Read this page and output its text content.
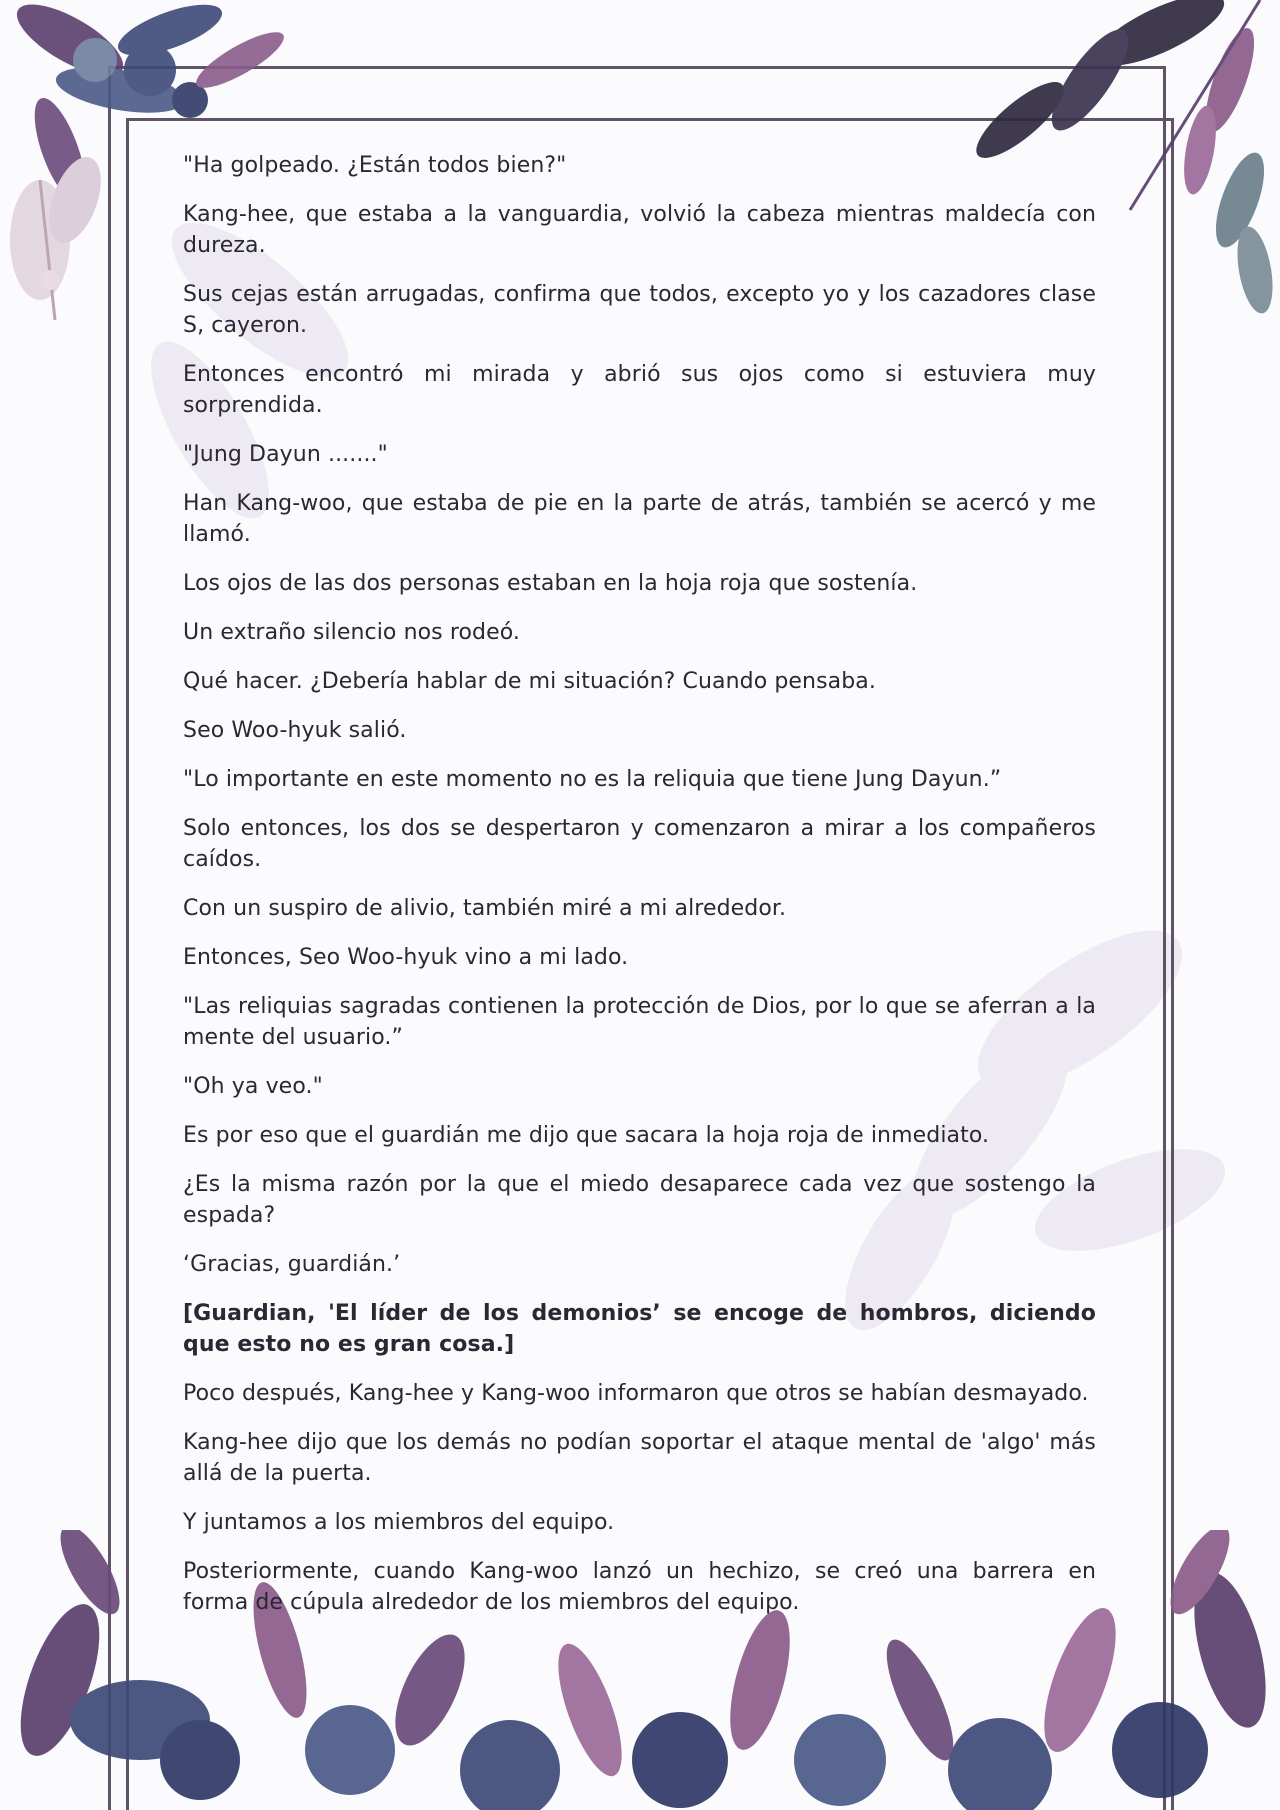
"Ha golpeado. ¿Están todos bien?"

Kang-hee, que estaba a la vanguardia, volvió la cabeza mientras maldecía con dureza.

Sus cejas están arrugadas, confirma que todos, excepto yo y los cazadores clase S, cayeron.

Entonces encontró mi mirada y abrió sus ojos como si estuviera muy sorprendida.

"Jung Dayun ......."

Han Kang-woo, que estaba de pie en la parte de atrás, también se acercó y me llamó.

Los ojos de las dos personas estaban en la hoja roja que sostenía.

Un extraño silencio nos rodeó.

Qué hacer. ¿Debería hablar de mi situación? Cuando pensaba.

Seo Woo-hyuk salió.

"Lo importante en este momento no es la reliquia que tiene Jung Dayun.”

Solo entonces, los dos se despertaron y comenzaron a mirar a los compañeros caídos.

Con un suspiro de alivio, también miré a mi alrededor.

Entonces, Seo Woo-hyuk vino a mi lado.

"Las reliquias sagradas contienen la protección de Dios, por lo que se aferran a la mente del usuario.”

"Oh ya veo."

Es por eso que el guardián me dijo que sacara la hoja roja de inmediato.

¿Es la misma razón por la que el miedo desaparece cada vez que sostengo la espada?

‘Gracias, guardián.’

[Guardian, 'El líder de los demonios’ se encoge de hombros, diciendo que esto no es gran cosa.]

Poco después, Kang-hee y Kang-woo informaron que otros se habían desmayado.

Kang-hee dijo que los demás no podían soportar el ataque mental de 'algo' más allá de la puerta.

Y juntamos a los miembros del equipo.

Posteriormente, cuando Kang-woo lanzó un hechizo, se creó una barrera en forma de cúpula alrededor de los miembros del equipo.
